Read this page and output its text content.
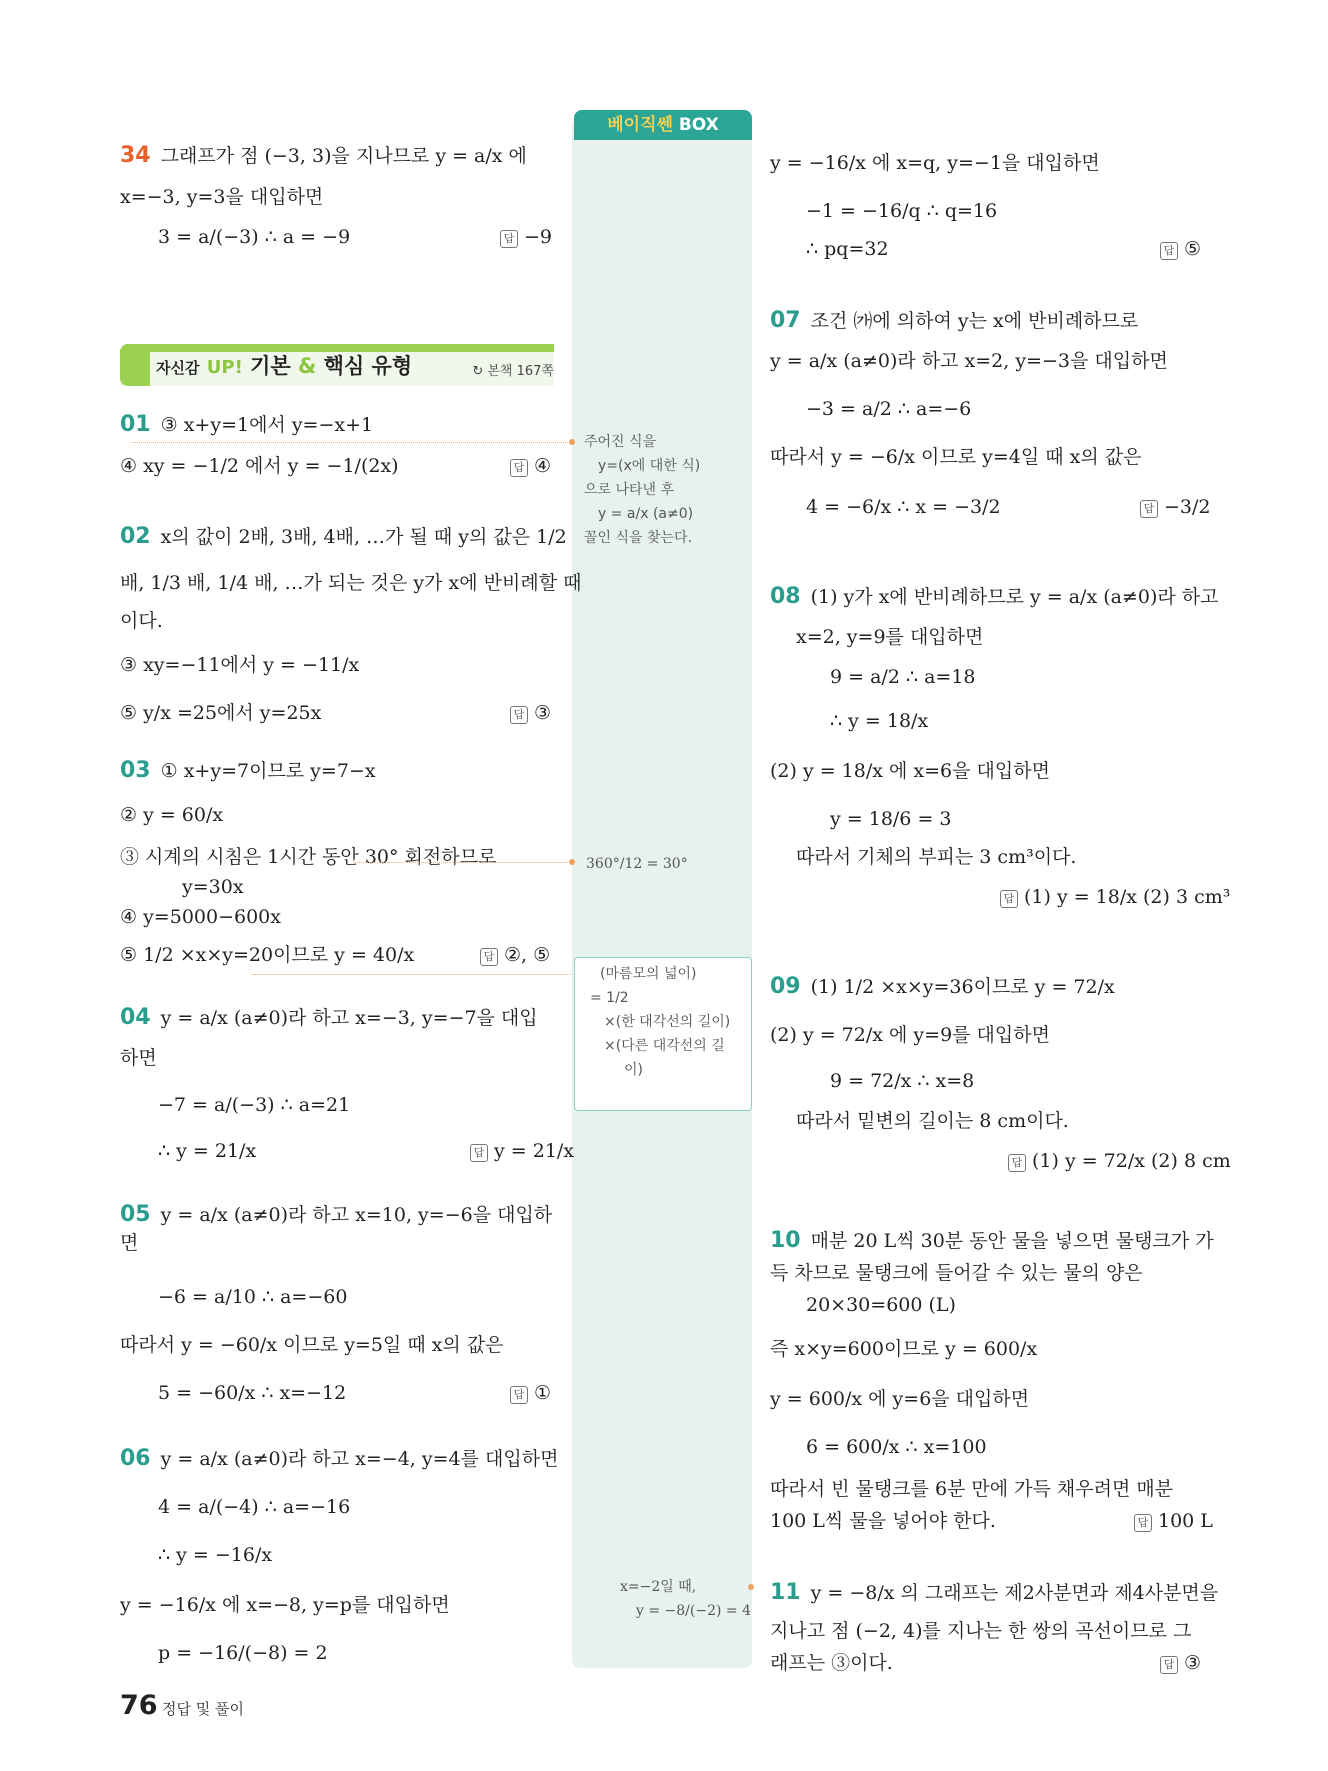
베이직쎈 BOX
34 그래프가 점 (−3, 3)을 지나므로 y = a/x 에
x=−3, y=3을 대입하면
3 = a/(−3) ∴ a = −9	답 −9
자신감 UP! 기본 & 핵심 유형	↻ 본책 167쪽
01 ③ x+y=1에서 y=−x+1
④ xy = −1/2 에서 y = −1/(2x)	답 ④
02 x의 값이 2배, 3배, 4배, …가 될 때 y의 값은 1/2
배, 1/3 배, 1/4 배, …가 되는 것은 y가 x에 반비례할 때
이다.
③ xy=−11에서 y = −11/x
⑤ y/x =25에서 y=25x	답 ③
03 ① x+y=7이므로 y=7−x
② y = 60/x
③ 시계의 시침은 1시간 동안 30° 회전하므로
y=30x
④ y=5000−600x
⑤ 1/2 ×x×y=20이므로 y = 40/x	답 ②, ⑤
04 y = a/x (a≠0)라 하고 x=−3, y=−7을 대입
하면
−7 = a/(−3) ∴ a=21
∴ y = 21/x	답 y = 21/x
05 y = a/x (a≠0)라 하고 x=10, y=−6을 대입하
면
−6 = a/10 ∴ a=−60
따라서 y = −60/x 이므로 y=5일 때 x의 값은
5 = −60/x ∴ x=−12	답 ①
06 y = a/x (a≠0)라 하고 x=−4, y=4를 대입하면
4 = a/(−4) ∴ a=−16
∴ y = −16/x
y = −16/x 에 x=−8, y=p를 대입하면
p = −16/(−8) = 2
주어진 식을
y=(x에 대한 식)
으로 나타낸 후
y = a/x (a≠0)
꼴인 식을 찾는다.
360°/12 = 30°
(마름모의 넓이)
= 1/2
×(한 대각선의 길이)
×(다른 대각선의 길
이)
x=−2일 때,
y = −8/(−2) = 4
y = −16/x 에 x=q, y=−1을 대입하면
−1 = −16/q ∴ q=16
∴ pq=32	답 ⑤
07 조건 ㈎에 의하여 y는 x에 반비례하므로
y = a/x (a≠0)라 하고 x=2, y=−3을 대입하면
−3 = a/2 ∴ a=−6
따라서 y = −6/x 이므로 y=4일 때 x의 값은
4 = −6/x ∴ x = −3/2	답 −3/2
08 (1) y가 x에 반비례하므로 y = a/x (a≠0)라 하고
x=2, y=9를 대입하면
9 = a/2 ∴ a=18
∴ y = 18/x
(2) y = 18/x 에 x=6을 대입하면
y = 18/6 = 3
따라서 기체의 부피는 3 cm³이다.
답 (1) y = 18/x (2) 3 cm³
09 (1) 1/2 ×x×y=36이므로 y = 72/x
(2) y = 72/x 에 y=9를 대입하면
9 = 72/x ∴ x=8
따라서 밑변의 길이는 8 cm이다.
답 (1) y = 72/x (2) 8 cm
10 매분 20 L씩 30분 동안 물을 넣으면 물탱크가 가
득 차므로 물탱크에 들어갈 수 있는 물의 양은
20×30=600 (L)
즉 x×y=600이므로 y = 600/x
y = 600/x 에 y=6을 대입하면
6 = 600/x ∴ x=100
따라서 빈 물탱크를 6분 만에 가득 채우려면 매분
100 L씩 물을 넣어야 한다.	답 100 L
11 y = −8/x 의 그래프는 제2사분면과 제4사분면을
지나고 점 (−2, 4)를 지나는 한 쌍의 곡선이므로 그
래프는 ③이다.	답 ③
76 정답 및 풀이
